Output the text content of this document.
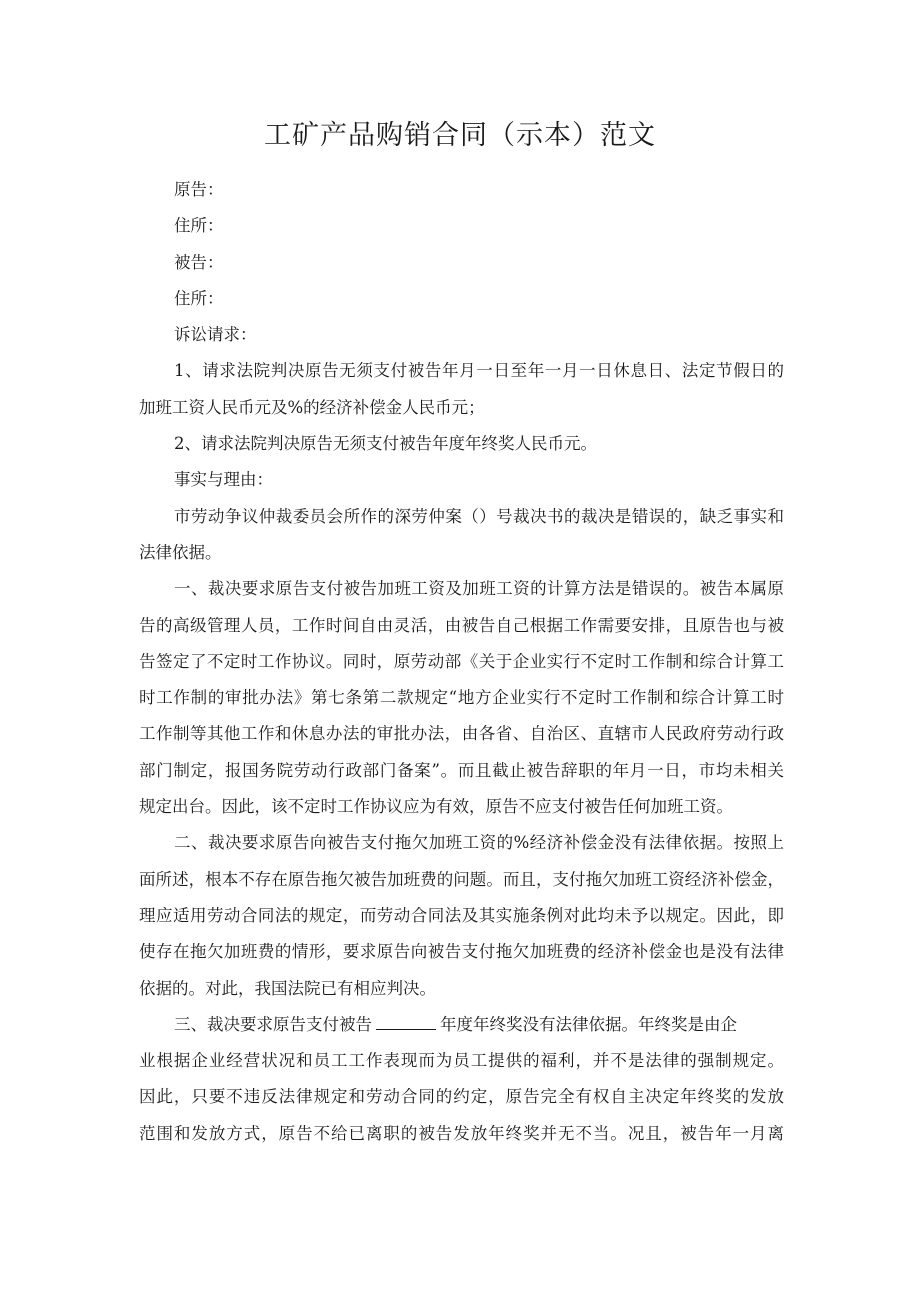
工矿产品购销合同（示本）范文
原告：
住所：
被告：
住所：
诉讼请求：
1、请求法院判决原告无须支付被告年月一日至年一月一日休息日、法定节假日的
加班工资人民币元及%的经济补偿金人民币元；
2、请求法院判决原告无须支付被告年度年终奖人民币元。
事实与理由：
市劳动争议仲裁委员会所作的深劳仲案（）号裁决书的裁决是错误的，缺乏事实和
法律依据。
一、裁决要求原告支付被告加班工资及加班工资的计算方法是错误的。被告本属原
告的高级管理人员，工作时间自由灵活，由被告自己根据工作需要安排，且原告也与被
告签定了不定时工作协议。同时，原劳动部《关于企业实行不定时工作制和综合计算工
时工作制的审批办法》第七条第二款规定“地方企业实行不定时工作制和综合计算工时
工作制等其他工作和休息办法的审批办法，由各省、自治区、直辖市人民政府劳动行政
部门制定，报国务院劳动行政部门备案”。而且截止被告辞职的年月一日，市均未相关
规定出台。因此，该不定时工作协议应为有效，原告不应支付被告任何加班工资。
二、裁决要求原告向被告支付拖欠加班工资的%经济补偿金没有法律依据。按照上
面所述，根本不存在原告拖欠被告加班费的问题。而且，支付拖欠加班工资经济补偿金，
理应适用劳动合同法的规定，而劳动合同法及其实施条例对此均未予以规定。因此，即
使存在拖欠加班费的情形，要求原告向被告支付拖欠加班费的经济补偿金也是没有法律
依据的。对此，我国法院已有相应判决。
三、裁决要求原告支付被告	年度年终奖没有法律依据。年终奖是由企
业根据企业经营状况和员工工作表现而为员工提供的福利，并不是法律的强制规定。
因此，只要不违反法律规定和劳动合同的约定，原告完全有权自主决定年终奖的发放
范围和发放方式，原告不给已离职的被告发放年终奖并无不当。况且，被告年一月离
